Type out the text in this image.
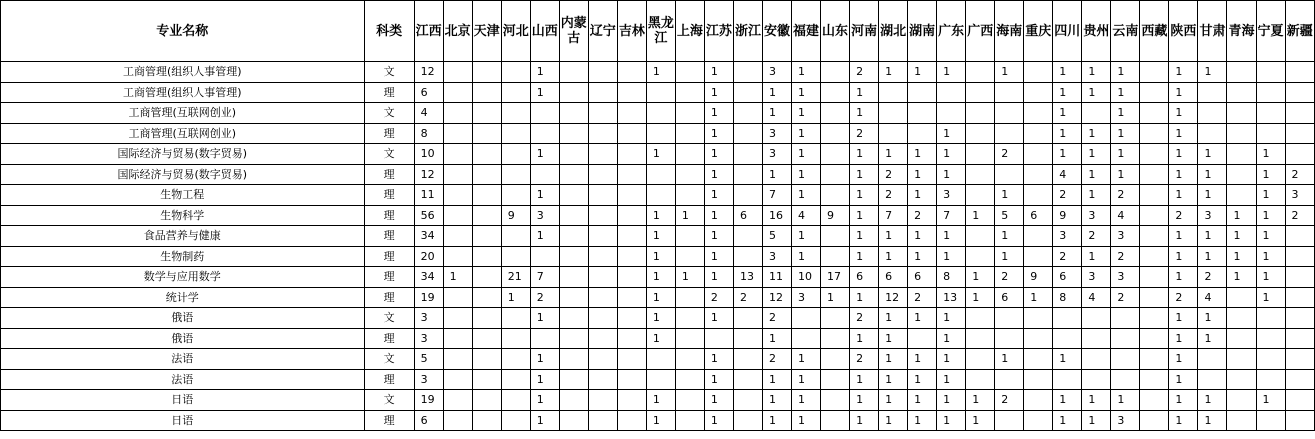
专业名称	科类	江西	北京	天津	河北	山西	内蒙古	辽宁	吉林	黑龙江	上海	江苏	浙江	安徽	福建	山东	河南	湖北	湖南	广东	广西	海南	重庆	四川	贵州	云南	西藏	陕西	甘肃	青海	宁夏	新疆
工商管理(组织人事管理)	文	12				1				1		1		3	1		2	1	1	1		1		1	1	1		1	1			
工商管理(组织人事管理)	理	6				1						1		1	1		1							1	1	1		1				
工商管理(互联网创业)	文	4										1		1	1		1							1		1		1				
工商管理(互联网创业)	理	8										1		3	1		2			1				1	1	1		1				
国际经济与贸易(数字贸易)	文	10				1				1		1		3	1		1	1	1	1		2		1	1	1		1	1		1	
国际经济与贸易(数字贸易)	理	12										1		1	1		1	2	1	1				4	1	1		1	1		1	2
生物工程	理	11				1						1		7	1		1	2	1	3		1		2	1	2		1	1		1	3
生物科学	理	56			9	3				1	1	1	6	16	4	9	1	7	2	7	1	5	6	9	3	4		2	3	1	1	2
食品营养与健康	理	34				1				1		1		5	1		1	1	1	1		1		3	2	3		1	1	1	1	
生物制药	理	20								1		1		3	1		1	1	1	1		1		2	1	2		1	1	1	1	
数学与应用数学	理	34	1		21	7				1	1	1	13	11	10	17	6	6	6	8	1	2	9	6	3	3		1	2	1	1	
统计学	理	19			1	2				1		2	2	12	3	1	1	12	2	13	1	6	1	8	4	2		2	4		1	
俄语	文	3				1				1		1		2			2	1	1	1								1	1			
俄语	理	3								1				1			1	1		1								1	1			
法语	文	5				1						1		2	1		2	1	1	1		1		1				1				
法语	理	3				1						1		1	1		1	1	1	1								1				
日语	文	19				1				1		1		1	1		1	1	1	1	1	2		1	1	1		1	1		1	
日语	理	6				1				1		1		1	1		1	1	1	1	1			1	1	3		1	1			
